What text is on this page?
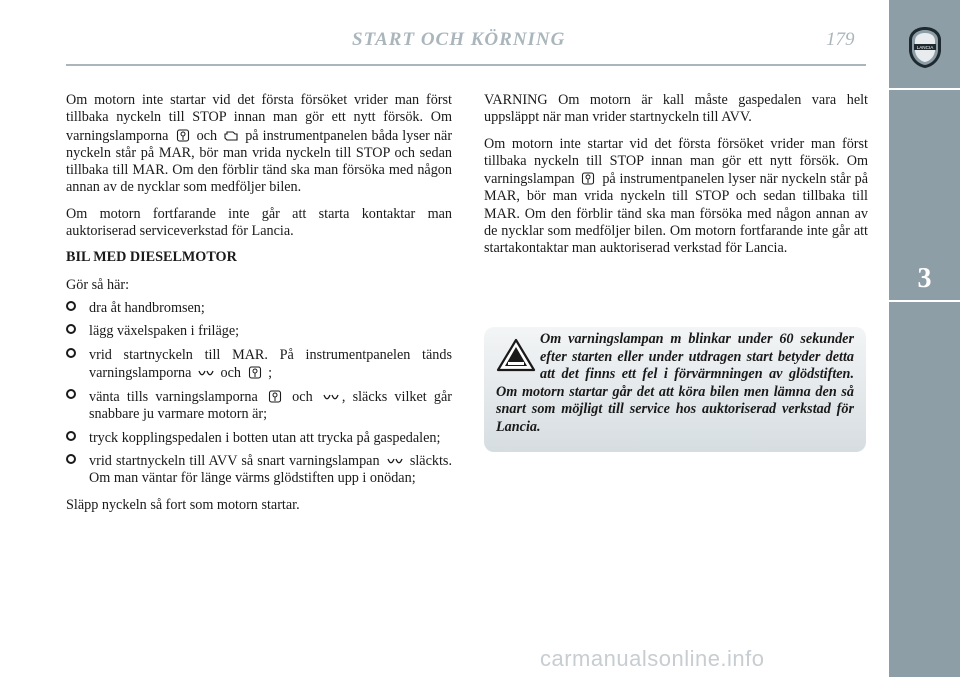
LANCIA
3
START OCH KÖRNING	179

Om motorn inte startar vid det första försöket vrider man först tillbaka nyckeln till STOP innan man gör ett nytt försök. Om varningslamporna och på instrumentpanelen båda lyser när nyckeln står på MAR, bör man vrida nyckeln till STOP och sedan tillbaka till MAR. Om den förblir tänd ska man försöka med någon annan av de nycklar som medföljer bilen.

Om motorn fortfarande inte går att starta kontaktar man auktoriserad serviceverkstad för Lancia.

BIL MED DIESELMOTOR

Gör så här:

dra åt handbromsen;
lägg växelspaken i friläge;
vrid startnyckeln till MAR. På instrumentpanelen tänds varningslamporna och ;
vänta tills varningslamporna och , släcks vilket går snabbare ju varmare motorn är;
tryck kopplingspedalen i botten utan att trycka på gaspedalen;
vrid startnyckeln till AVV så snart varningslampan släckts. Om man väntar för länge värms glödstiften upp i onödan;

Släpp nyckeln så fort som motorn startar.

VARNING Om motorn är kall måste gaspedalen vara helt uppsläppt när man vrider startnyckeln till AVV.

Om motorn inte startar vid det första försöket vrider man först tillbaka nyckeln till STOP innan man gör ett nytt försök. Om varningslampan på instrumentpanelen lyser när nyckeln står på MAR, bör man vrida nyckeln till STOP och sedan tillbaka till MAR. Om den förblir tänd ska man försöka med någon annan av de nycklar som medföljer bilen. Om motorn fortfarande inte går att startakontaktar man auktoriserad verkstad för Lancia.

Om varningslampan m blinkar under 60 sekunder efter starten eller under utdragen start betyder detta att det finns ett fel i förvärmningen av glödstiften. Om motorn startar går det att köra bilen men lämna den så snart som möjligt till service hos auktoriserad verkstad för Lancia.
carmanualsonline.info
